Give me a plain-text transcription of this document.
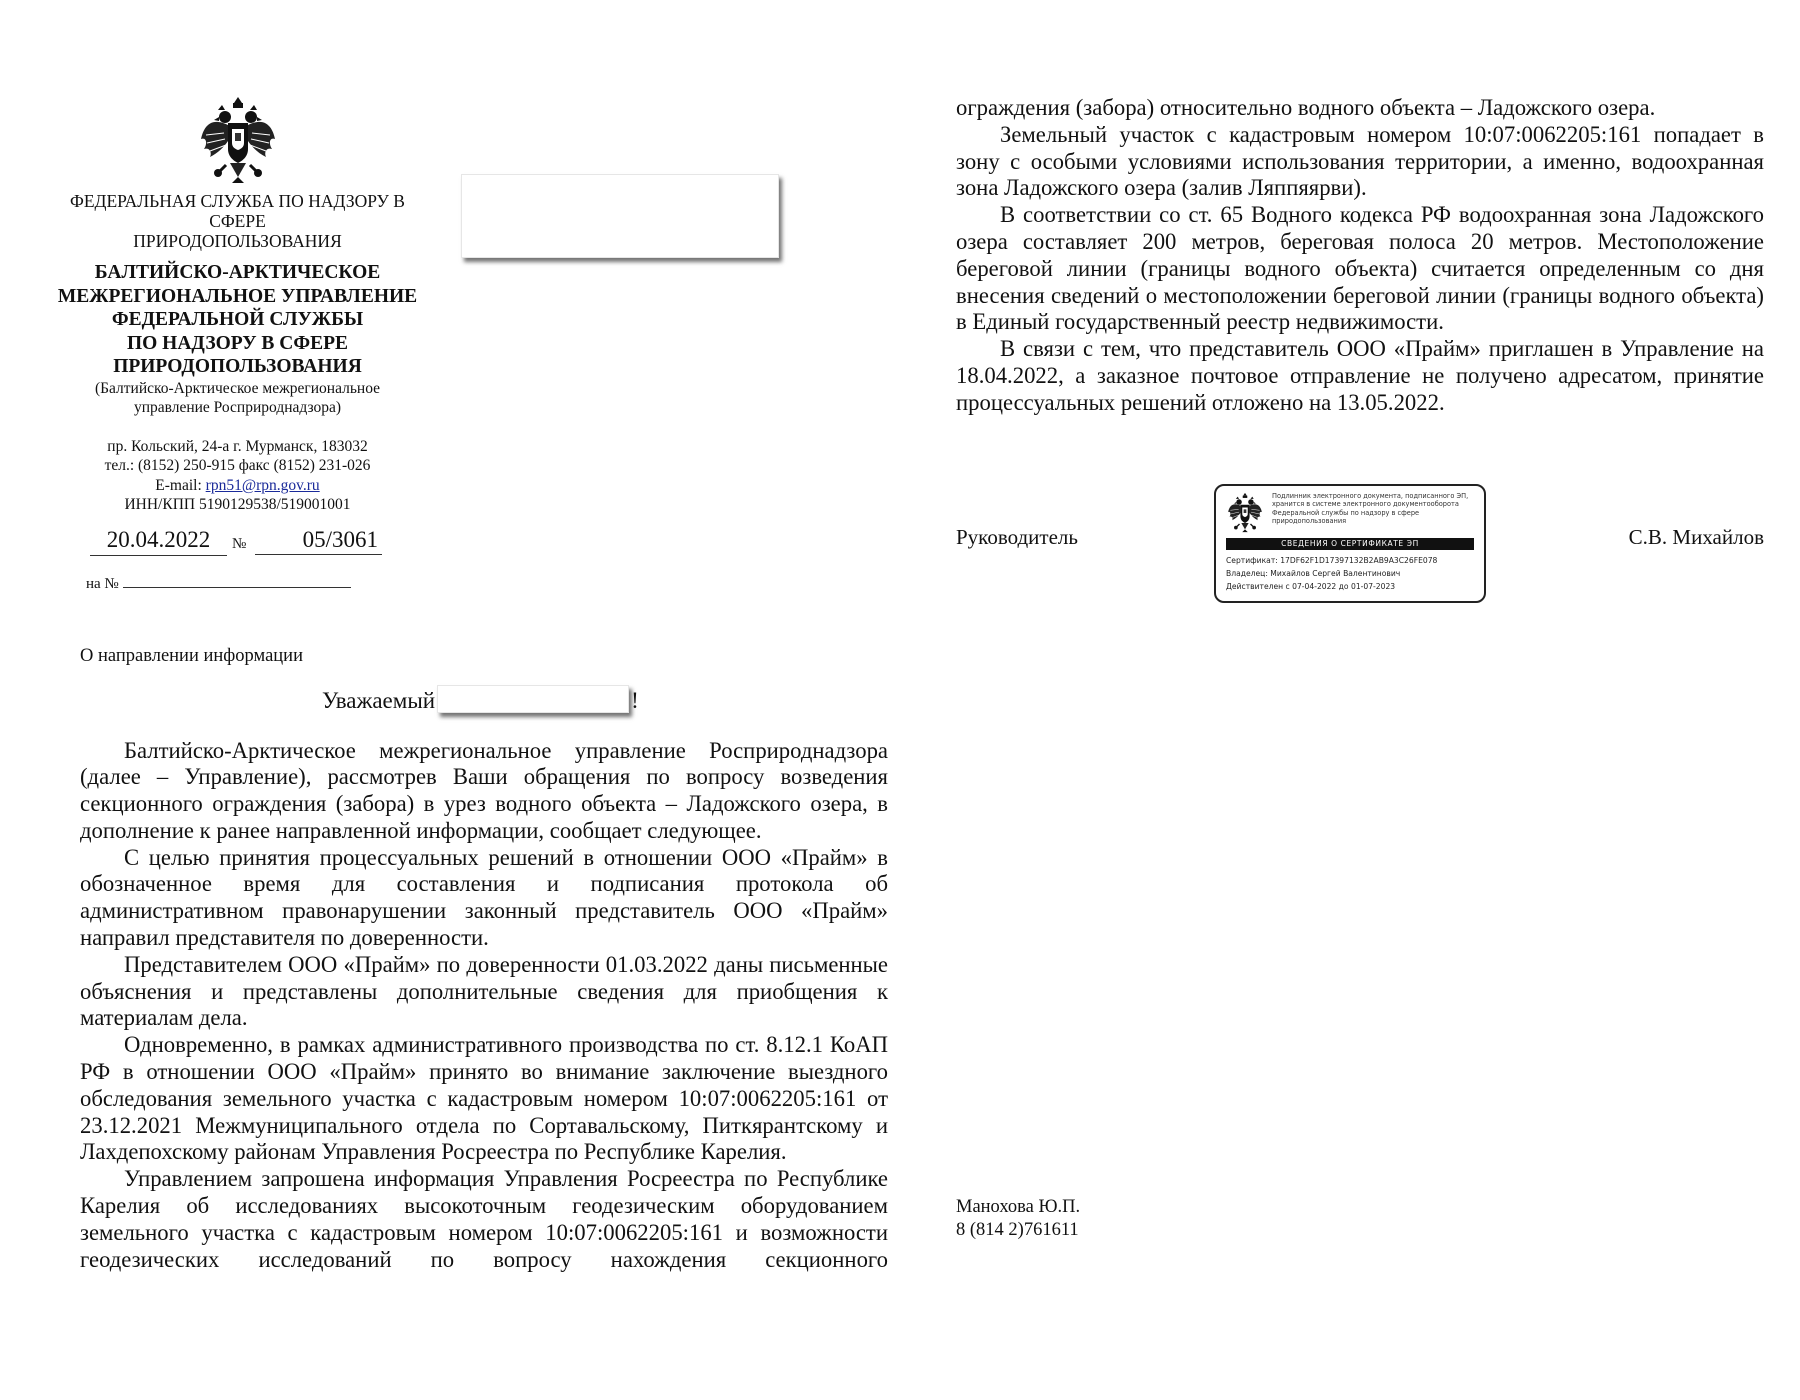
ФЕДЕРАЛЬНАЯ СЛУЖБА ПО НАДЗОРУ В СФЕРЕ
ПРИРОДОПОЛЬЗОВАНИЯ
БАЛТИЙСКО-АРКТИЧЕСКОЕ
МЕЖРЕГИОНАЛЬНОЕ УПРАВЛЕНИЕ
ФЕДЕРАЛЬНОЙ СЛУЖБЫ
ПО НАДЗОРУ В СФЕРЕ
ПРИРОДОПОЛЬЗОВАНИЯ
(Балтийско-Арктическое межрегиональное
управление Росприроднадзора)
пр. Кольский, 24-а г. Мурманск, 183032
тел.: (8152) 250-915 факс (8152) 231-026
E-mail: rpn51@rpn.gov.ru
ИНН/КПП 5190129538/519001001
20.04.2022	№	05/3061
на №
О направлении информации
Уважаемый	!

Балтийско-Арктическое межрегиональное управление Росприроднадзора (далее – Управление), рассмотрев Ваши обращения по вопросу возведения секционного ограждения (забора) в урез водного объекта – Ладожского озера, в дополнение к ранее направленной информации, сообщает следующее.

С целью принятия процессуальных решений в отношении ООО «Прайм» в обозначенное время для составления и подписания протокола об административном правонарушении законный представитель ООО «Прайм» направил представителя по доверенности.

Представителем ООО «Прайм» по доверенности 01.03.2022 даны письменные объяснения и представлены дополнительные сведения для приобщения к материалам дела.

Одновременно, в рамках административного производства по ст. 8.12.1 КоАП РФ в отношении ООО «Прайм» принято во внимание заключение выездного обследования земельного участка с кадастровым номером 10:07:0062205:161 от 23.12.2021 Межмуниципального отдела по Сортавальскому, Питкярантскому и Лахдепохскому районам Управления Росреестра по Республике Карелия.

Управлением запрошена информация Управления Росреестра по Республике Карелия об исследованиях высокоточным геодезическим оборудованием земельного участка с кадастровым номером 10:07:0062205:161 и возможности геодезических исследований по вопросу нахождения секционного

ограждения (забора) относительно водного объекта – Ладожского озера.

Земельный участок с кадастровым номером 10:07:0062205:161 попадает в зону с особыми условиями использования территории, а именно, водоохранная зона Ладожского озера (залив Ляппяярви).

В соответствии со ст. 65 Водного кодекса РФ водоохранная зона Ладожского озера составляет 200 метров, береговая полоса 20 метров. Местоположение береговой линии (границы водного объекта) считается определенным со дня внесения сведений о местоположении береговой линии (границы водного объекта) в Единый государственный реестр недвижимости.

В связи с тем, что представитель ООО «Прайм» приглашен в Управление на 18.04.2022, а заказное почтовое отправление не получено адресатом, принятие процессуальных решений отложено на 13.05.2022.

Руководитель	С.В. Михайлов
Подлинник электронного документа, подписанного ЭП, хранится в системе электронного документооборота Федеральной службы по надзору в сфере природопользования
СВЕДЕНИЯ О СЕРТИФИКАТЕ ЭП
Сертификат: 17DF62F1D17397132B2AB9A3C26FE078
Владелец: Михайлов Сергей Валентинович
Действителен с 07-04-2022 до 01-07-2023
Манохова Ю.П.
8 (814 2)761611
